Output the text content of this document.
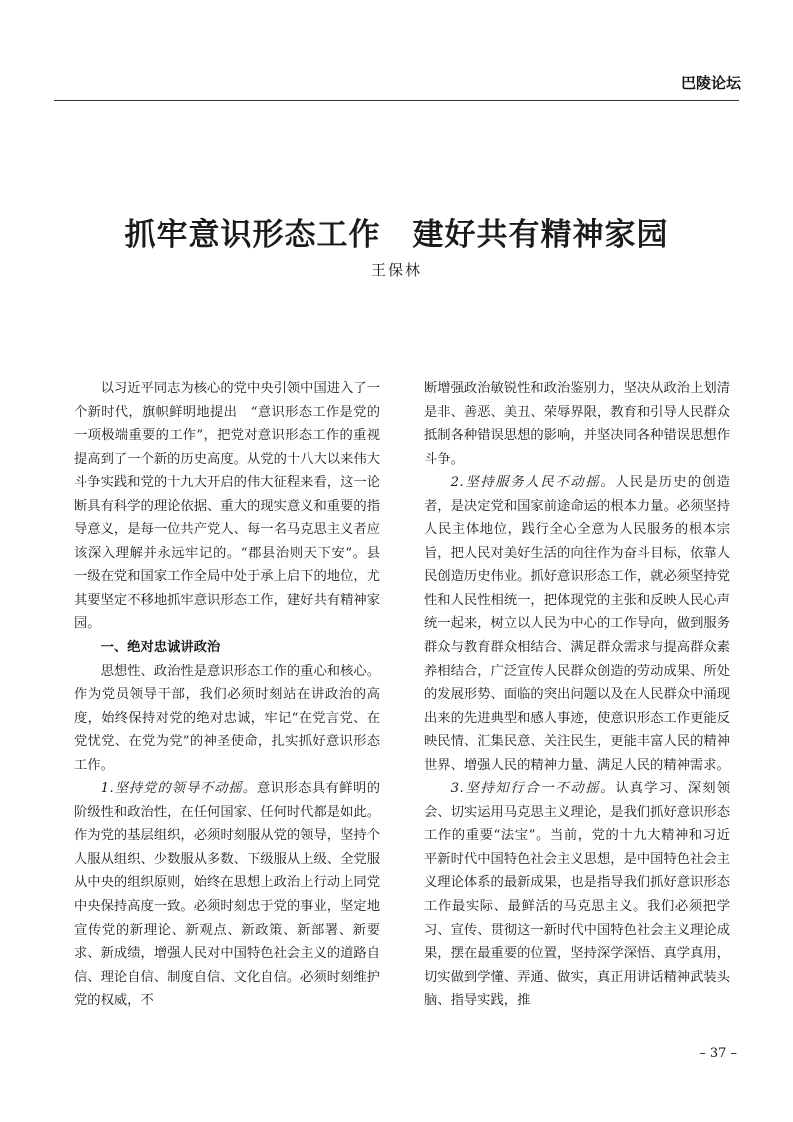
巴陵论坛
抓牢意识形态工作　建好共有精神家园
王保林

以习近平同志为核心的党中央引领中国进入了一个新时代，旗帜鲜明地提出　“意识形态工作是党的一项极端重要的工作”，把党对意识形态工作的重视提高到了一个新的历史高度。从党的十八大以来伟大斗争实践和党的十九大开启的伟大征程来看，这一论断具有科学的理论依据、重大的现实意义和重要的指导意义，是每一位共产党人、每一名马克思主义者应该深入理解并永远牢记的。“郡县治则天下安”。县一级在党和国家工作全局中处于承上启下的地位，尤其要坚定不移地抓牢意识形态工作，建好共有精神家园。

一、绝对忠诚讲政治

思想性、政治性是意识形态工作的重心和核心。作为党员领导干部，我们必须时刻站在讲政治的高度，始终保持对党的绝对忠诚，牢记“在党言党、在党忧党、在党为党”的神圣使命，扎实抓好意识形态工作。

1.坚持党的领导不动摇。意识形态具有鲜明的阶级性和政治性，在任何国家、任何时代都是如此。作为党的基层组织，必须时刻服从党的领导，坚持个人服从组织、少数服从多数、下级服从上级、全党服从中央的组织原则，始终在思想上政治上行动上同党中央保持高度一致。必须时刻忠于党的事业，坚定地宣传党的新理论、新观点、新政策、新部署、新要求、新成绩，增强人民对中国特色社会主义的道路自信、理论自信、制度自信、文化自信。必须时刻维护党的权威，不

断增强政治敏锐性和政治鉴别力，坚决从政治上划清是非、善恶、美丑、荣辱界限，教育和引导人民群众抵制各种错误思想的影响，并坚决同各种错误思想作斗争。

2.坚持服务人民不动摇。人民是历史的创造者，是决定党和国家前途命运的根本力量。必须坚持人民主体地位，践行全心全意为人民服务的根本宗旨，把人民对美好生活的向往作为奋斗目标，依靠人民创造历史伟业。抓好意识形态工作，就必须坚持党性和人民性相统一，把体现党的主张和反映人民心声统一起来，树立以人民为中心的工作导向，做到服务群众与教育群众相结合、满足群众需求与提高群众素养相结合，广泛宣传人民群众创造的劳动成果、所处的发展形势、面临的突出问题以及在人民群众中涌现出来的先进典型和感人事迹，使意识形态工作更能反映民情、汇集民意、关注民生，更能丰富人民的精神世界、增强人民的精神力量、满足人民的精神需求。

3.坚持知行合一不动摇。认真学习、深刻领会、切实运用马克思主义理论，是我们抓好意识形态工作的重要“法宝”。当前，党的十九大精神和习近平新时代中国特色社会主义思想，是中国特色社会主义理论体系的最新成果，也是指导我们抓好意识形态工作最实际、最鲜活的马克思主义。我们必须把学习、宣传、贯彻这一新时代中国特色社会主义理论成果，摆在最重要的位置，坚持深学深悟、真学真用，切实做到学懂、弄通、做实，真正用讲话精神武装头脑、指导实践，推

– 37 –
